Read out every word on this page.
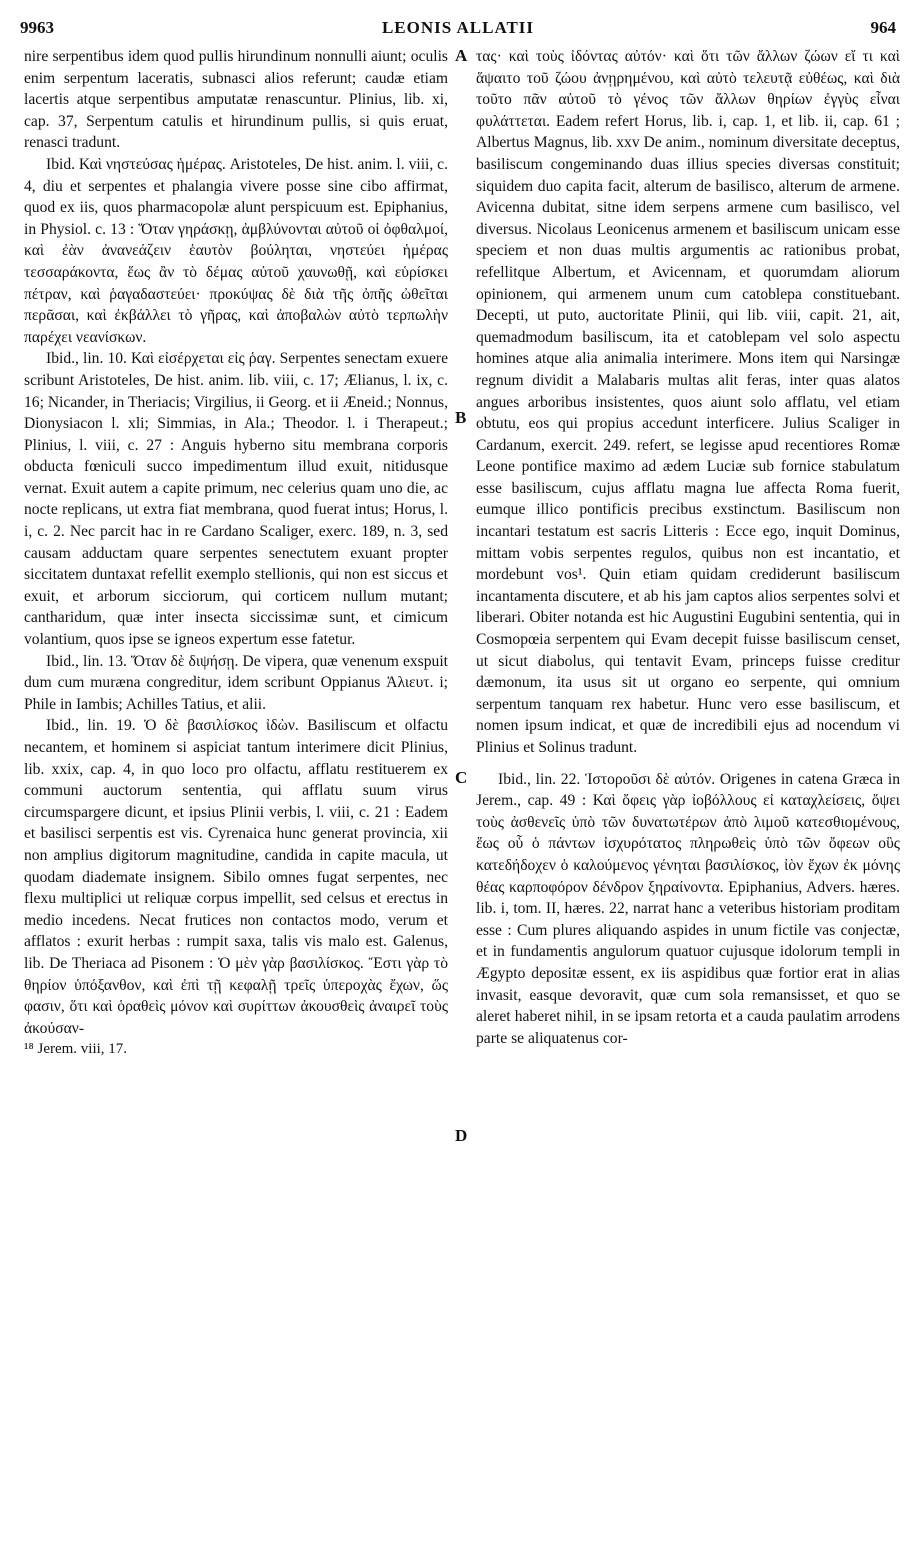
9963	LEONIS ALLATII	964

nire serpentibus idem quod pullis hirundinum nonnulli aiunt; oculis enim serpentum laceratis, subnasci alios referunt; caudæ etiam lacertis atque serpentibus amputatæ renascuntur. Plinius, lib. xi, cap. 37, Serpentum catulis et hirundinum pullis, si quis eruat, renasci tradunt.

Ibid. Καὶ νηστεύσας ἡμέρας. Aristoteles, De hist. anim. l. viii, c. 4, diu et serpentes et phalangia vivere posse sine cibo affirmat, quod ex iis, quos pharmacopolæ alunt perspicuum est. Epiphanius, in Physiol. c. 13 : Ὅταν γηράσκῃ, ἀμβλύνονται αὐτοῦ οἱ ὀφθαλμοί, καὶ ἐὰν ἀνανεάζειν ἑαυτὸν βούληται, νηστεύει ἡμέρας τεσσαράκοντα, ἕως ἂν τὸ δέμας αὐτοῦ χαυνωθῇ, καὶ εὑρίσκει πέτραν, καὶ ῥαγαδαστεύει· προκύψας δὲ διὰ τῆς ὀπῆς ὠθεῖται περᾶσαι, καὶ ἐκβάλλει τὸ γῆρας, καὶ ἀποβαλὼν αὐτὸ τερπωλὴν παρέχει νεανίσκων.

Ibid., lin. 10. Καὶ εἰσέρχεται εἰς ῥαγ. Serpentes senectam exuere scribunt Aristoteles, De hist. anim. lib. viii, c. 17; Ælianus, l. ix, c. 16; Nicander, in Theriacis; Virgilius, ii Georg. et ii Æneid.; Nonnus, Dionysiacon l. xli; Simmias, in Ala.; Theodor. l. i Therapeut.; Plinius, l. viii, c. 27 : Anguis hyberno situ membrana corporis obducta fœniculi succo impedimentum illud exuit, nitidusque vernat. Exuit autem a capite primum, nec celerius quam uno die, ac nocte replicans, ut extra fiat membrana, quod fuerat intus; Horus, l. i, c. 2. Nec parcit hac in re Cardano Scaliger, exerc. 189, n. 3, sed causam adductam quare serpentes senectutem exuant propter siccitatem duntaxat refellit exemplo stellionis, qui non est siccus et exuit, et arborum sicciorum, qui corticem nullum mutant; cantharidum, quæ inter insecta siccissimæ sunt, et cimicum volantium, quos ipse se igneos expertum esse fatetur.

Ibid., lin. 13. Ὅταν δὲ διψήσῃ. De vipera, quæ venenum exspuit dum cum muræna congreditur, idem scribunt Oppianus Ἁλιευτ. i; Phile in Iambis; Achilles Tatius, et alii.

Ibid., lin. 19. Ὁ δὲ βασιλίσκος ἰδὼν. Basiliscum et olfactu necantem, et hominem si aspiciat tantum interimere dicit Plinius, lib. xxix, cap. 4, in quo loco pro olfactu, afflatu restituerem ex communi auctorum sententia, qui afflatu suum virus circumspargere dicunt, et ipsius Plinii verbis, l. viii, c. 21 : Eadem et basilisci serpentis est vis. Cyrenaica hunc generat provincia, xii non amplius digitorum magnitudine, candida in capite macula, ut quodam diademate insignem. Sibilo omnes fugat serpentes, nec flexu multiplici ut reliquæ corpus impellit, sed celsus et erectus in medio incedens. Necat frutices non contactos modo, verum et afflatos : exurit herbas : rumpit saxa, talis vis malo est. Galenus, lib. De Theriaca ad Pisonem : Ὁ μὲν γὰρ βασιλίσκος. Ἔστι γὰρ τὸ θηρίον ὑπόξανθον, καὶ ἐπὶ τῇ κεφαλῇ τρεῖς ὑπεροχὰς ἔχων, ὥς φασιν, ὅτι καὶ ὁραθεὶς μόνον καὶ συρίττων ἀκουσθεὶς ἀναιρεῖ τοὺς ἀκούσαν-

¹⁸ Jerem. viii, 17.

A
B
C
D

τας· καὶ τοὺς ἰδόντας αὐτόν· καὶ ὅτι τῶν ἄλλων ζώων εἴ τι καὶ ἅψαιτο τοῦ ζώου ἀνῃρημένου, καὶ αὐτὸ τελευτᾷ εὐθέως, καὶ διὰ τοῦτο πᾶν αὐτοῦ τὸ γένος τῶν ἄλλων θηρίων ἐγγὺς εἶναι φυλάττεται. Eadem refert Horus, lib. i, cap. 1, et lib. ii, cap. 61 ; Albertus Magnus, lib. xxv De anim., nominum diversitate deceptus, basiliscum congeminando duas illius species diversas constituit; siquidem duo capita facit, alterum de basilisco, alterum de armene. Avicenna dubitat, sitne idem serpens armene cum basilisco, vel diversus. Nicolaus Leonicenus armenem et basiliscum unicam esse speciem et non duas multis argumentis ac rationibus probat, refellitque Albertum, et Avicennam, et quorumdam aliorum opinionem, qui armenem unum cum catoblepa constituebant. Decepti, ut puto, auctoritate Plinii, qui lib. viii, capit. 21, ait, quemadmodum basiliscum, ita et catoblepam vel solo aspectu homines atque alia animalia interimere. Mons item qui Narsingæ regnum dividit a Malabaris multas alit feras, inter quas alatos angues arboribus insistentes, quos aiunt solo afflatu, vel etiam obtutu, eos qui propius accedunt interficere. Julius Scaliger in Cardanum, exercit. 249. refert, se legisse apud recentiores Romæ Leone pontifice maximo ad ædem Luciæ sub fornice stabulatum esse basiliscum, cujus afflatu magna lue affecta Roma fuerit, eumque illico pontificis precibus exstinctum. Basiliscum non incantari testatum est sacris Litteris : Ecce ego, inquit Dominus, mittam vobis serpentes regulos, quibus non est incantatio, et mordebunt vos¹. Quin etiam quidam crediderunt basiliscum incantamenta discutere, et ab his jam captos alios serpentes solvi et liberari. Obiter notanda est hic Augustini Eugubini sententia, qui in Cosmopœia serpentem qui Evam decepit fuisse basiliscum censet, ut sicut diabolus, qui tentavit Evam, princeps fuisse creditur dæmonum, ita usus sit ut organo eo serpente, qui omnium serpentum tanquam rex habetur. Hunc vero esse basiliscum, et nomen ipsum indicat, et quæ de incredibili ejus ad nocendum vi Plinius et Solinus tradunt.

Ibid., lin. 22. Ἱστοροῦσι δὲ αὐτόν. Origenes in catena Græca in Jerem., cap. 49 : Καὶ ὄφεις γὰρ ἰοβόλλους εἰ καταχλείσεις, ὄψει τοὺς ἀσθενεῖς ὑπὸ τῶν δυνατωτέρων ἀπὸ λιμοῦ κατεσθιομένους, ἕως οὗ ὁ πάντων ἰσχυρότατος πληρωθεὶς ὑπὸ τῶν ὄφεων οὓς κατεδήδοχεν ὁ καλούμενος γένηται βασιλίσκος, ἰὸν ἔχων ἐκ μόνης θέας καρποφόρον δένδρον ξηραίνοντα. Epiphanius, Advers. hæres. lib. i, tom. II, hæres. 22, narrat hanc a veteribus historiam proditam esse : Cum plures aliquando aspides in unum fictile vas conjectæ, et in fundamentis angulorum quatuor cujusque idolorum templi in Ægypto depositæ essent, ex iis aspidibus quæ fortior erat in alias invasit, easque devoravit, quæ cum sola remansisset, et quo se aleret haberet nihil, in se ipsam retorta et a cauda paulatim arrodens parte se aliquatenus cor-
